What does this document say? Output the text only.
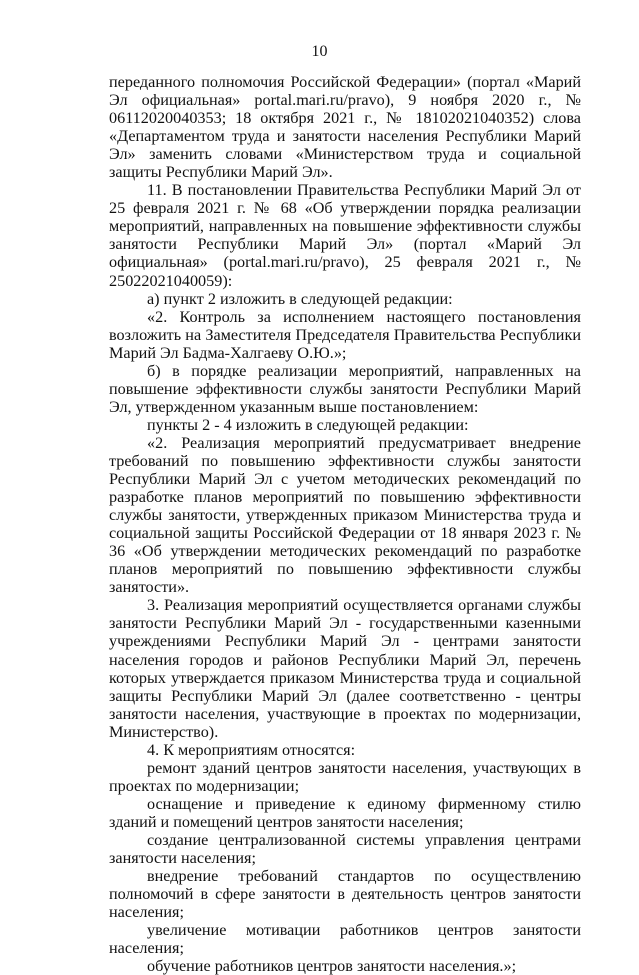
10

переданного полномочия Российской Федерации» (портал «Марий Эл официальная» portal.mari.ru/pravo), 9 ноября 2020 г., № 06112020040353; 18 октября 2021 г., № 18102021040352) слова «Департаментом труда и занятости населения Республики Марий Эл» заменить словами «Министерством труда и социальной защиты Республики Марий Эл».

11. В постановлении Правительства Республики Марий Эл от 25 февраля 2021 г. № 68 «Об утверждении порядка реализации мероприятий, направленных на повышение эффективности службы занятости Республики Марий Эл» (портал «Марий Эл официальная» (portal.mari.ru/pravo), 25 февраля 2021 г., № 25022021040059):

а) пункт 2 изложить в следующей редакции:

«2. Контроль за исполнением настоящего постановления возложить на Заместителя Председателя Правительства Республики Марий Эл Бадма-Халгаеву О.Ю.»;

б) в порядке реализации мероприятий, направленных на повышение эффективности службы занятости Республики Марий Эл, утвержденном указанным выше постановлением:

пункты 2 - 4 изложить в следующей редакции:

«2. Реализация мероприятий предусматривает внедрение требований по повышению эффективности службы занятости Республики Марий Эл с учетом методических рекомендаций по разработке планов мероприятий по повышению эффективности службы занятости, утвержденных приказом Министерства труда и социальной защиты Российской Федерации от 18 января 2023 г. № 36 «Об утверждении методических рекомендаций по разработке планов мероприятий по повышению эффективности службы занятости».

3. Реализация мероприятий осуществляется органами службы занятости Республики Марий Эл - государственными казенными учреждениями Республики Марий Эл - центрами занятости населения городов и районов Республики Марий Эл, перечень которых утверждается приказом Министерства труда и социальной защиты Республики Марий Эл (далее соответственно - центры занятости населения, участвующие в проектах по модернизации, Министерство).

4. К мероприятиям относятся:

ремонт зданий центров занятости населения, участвующих в проектах по модернизации;

оснащение и приведение к единому фирменному стилю зданий и помещений центров занятости населения;

создание централизованной системы управления центрами занятости населения;

внедрение требований стандартов по осуществлению полномочий в сфере занятости в деятельность центров занятости населения;

увеличение мотивации работников центров занятости населения;

обучение работников центров занятости населения.»;
